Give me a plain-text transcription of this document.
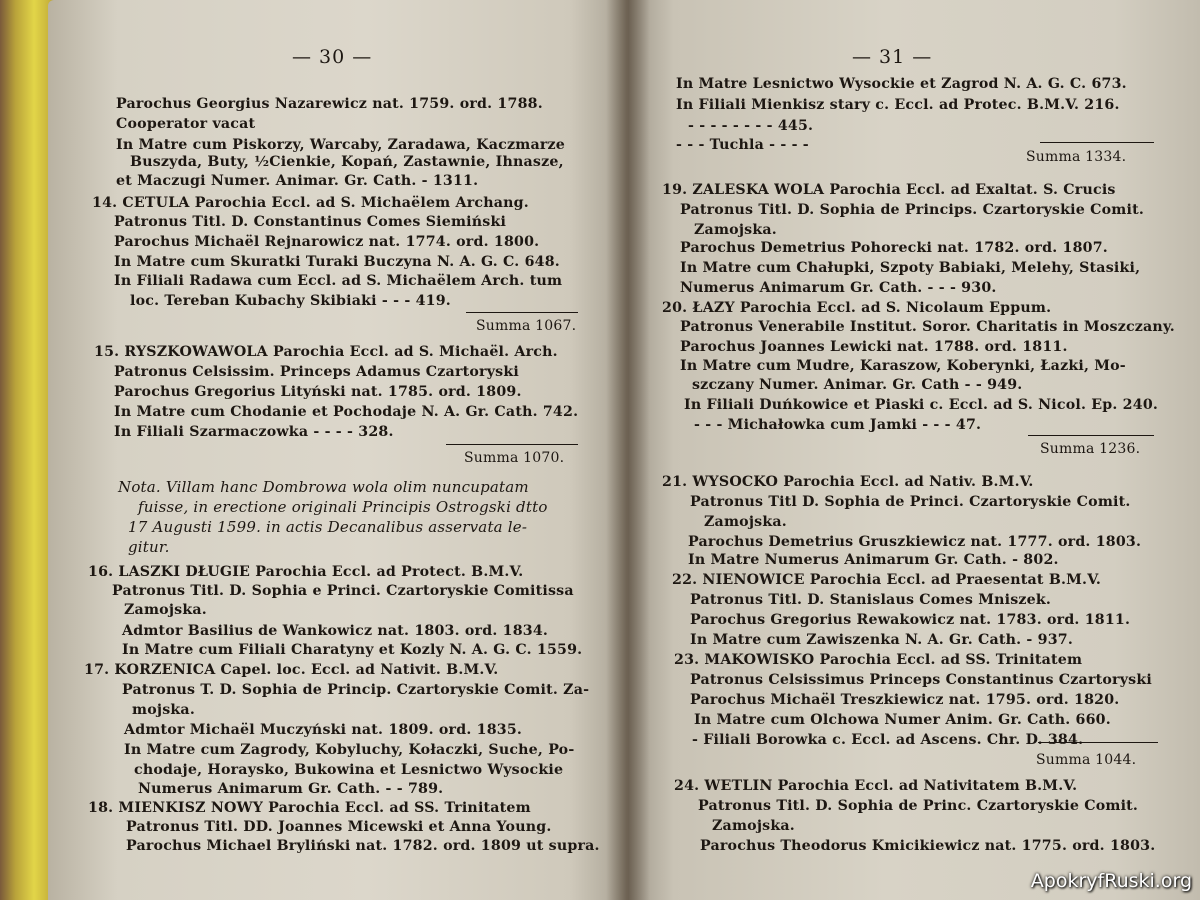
— 30 —
Parochus Georgius Nazarewicz nat. 1759. ord. 1788.
Cooperator vacat
In Matre cum Piskorzy, Warcaby, Zaradawa, Kaczmarze
Buszyda, Buty, ½Cienkie, Kopań, Zastawnie, Ihnasze,
et Maczugi Numer. Animar. Gr. Cath. - 1311.
14. CETULA Parochia Eccl. ad S. Michaëlem Archang.
Patronus Titl. D. Constantinus Comes Siemiński
Parochus Michaël Rejnarowicz nat. 1774. ord. 1800.
In Matre cum Skuratki Turaki Buczyna N. A. G. C. 648.
In Filiali Radawa cum Eccl. ad S. Michaëlem Arch. tum
loc. Tereban Kubachy Skibiaki - - - 419.
Summa 1067.
15. RYSZKOWAWOLA Parochia Eccl. ad S. Michaël. Arch.
Patronus Celsissim. Princeps Adamus Czartoryski
Parochus Gregorius Lityński nat. 1785. ord. 1809.
In Matre cum Chodanie et Pochodaje N. A. Gr. Cath. 742.
In Filiali Szarmaczowka - - - - 328.
Summa 1070.
Nota. Villam hanc Dombrowa wola olim nuncupatam
fuisse, in erectione originali Principis Ostrogski dtto
17 Augusti 1599. in actis Decanalibus asservata le-
gitur.
16. LASZKI DŁUGIE Parochia Eccl. ad Protect. B.M.V.
Patronus Titl. D. Sophia e Princi. Czartoryskie Comitissa
Zamojska.
Admtor Basilius de Wankowicz nat. 1803. ord. 1834.
In Matre cum Filiali Charatyny et Kozly N. A. G. C. 1559.
17. KORZENICA Capel. loc. Eccl. ad Nativit. B.M.V.
Patronus T. D. Sophia de Princip. Czartoryskie Comit. Za-
mojska.
Admtor Michaël Muczyński nat. 1809. ord. 1835.
In Matre cum Zagrody, Kobyluchy, Kołaczki, Suche, Po-
chodaje, Horaysko, Bukowina et Lesnictwo Wysockie
Numerus Animarum Gr. Cath. - - 789.
18. MIENKISZ NOWY Parochia Eccl. ad SS. Trinitatem
Patronus Titl. DD. Joannes Micewski et Anna Young.
Parochus Michael Bryliński nat. 1782. ord. 1809 ut supra.
— 31 —
In Matre Lesnictwo Wysockie et Zagrod N. A. G. C. 673.
In Filiali Mienkisz stary c. Eccl. ad Protec. B.M.V. 216.
- - - - - - - - 445.
- - - Tuchla - - - -
Summa 1334.
19. ZALESKA WOLA Parochia Eccl. ad Exaltat. S. Crucis
Patronus Titl. D. Sophia de Princips. Czartoryskie Comit.
Zamojska.
Parochus Demetrius Pohorecki nat. 1782. ord. 1807.
In Matre cum Chałupki, Szpoty Babiaki, Melehy, Stasiki,
Numerus Animarum Gr. Cath. - - - 930.
20. ŁAZY Parochia Eccl. ad S. Nicolaum Eppum.
Patronus Venerabile Institut. Soror. Charitatis in Moszczany.
Parochus Joannes Lewicki nat. 1788. ord. 1811.
In Matre cum Mudre, Karaszow, Koberynki, Łazki, Mo-
szczany Numer. Animar. Gr. Cath - - 949.
In Filiali Duńkowice et Piaski c. Eccl. ad S. Nicol. Ep. 240.
- - - Michałowka cum Jamki - - - 47.
Summa 1236.
21. WYSOCKO Parochia Eccl. ad Nativ. B.M.V.
Patronus Titl D. Sophia de Princi. Czartoryskie Comit.
Zamojska.
Parochus Demetrius Gruszkiewicz nat. 1777. ord. 1803.
In Matre Numerus Animarum Gr. Cath. - 802.
22. NIENOWICE Parochia Eccl. ad Praesentat B.M.V.
Patronus Titl. D. Stanislaus Comes Mniszek.
Parochus Gregorius Rewakowicz nat. 1783. ord. 1811.
In Matre cum Zawiszenka N. A. Gr. Cath. - 937.
23. MAKOWISKO Parochia Eccl. ad SS. Trinitatem
Patronus Celsissimus Princeps Constantinus Czartoryski
Parochus Michaël Treszkiewicz nat. 1795. ord. 1820.
In Matre cum Olchowa Numer Anim. Gr. Cath. 660.
- Filiali Borowka c. Eccl. ad Ascens. Chr. D. 384.
Summa 1044.
24. WETLIN Parochia Eccl. ad Nativitatem B.M.V.
Patronus Titl. D. Sophia de Princ. Czartoryskie Comit.
Zamojska.
Parochus Theodorus Kmicikiewicz nat. 1775. ord. 1803.
ApokryfRuski.org
